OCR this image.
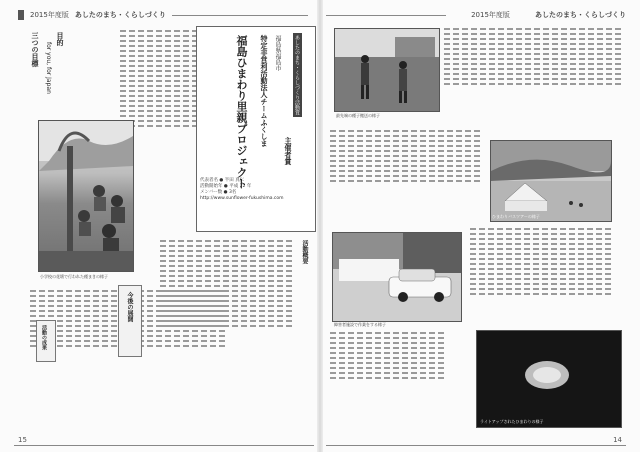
2015年度版 あしたのまち・くらしづくり	2015年度版	あしたのまち・くらしづくり
目的
for you, for Japan
三つの目標
小学校の花壇で行われた種まきの様子
今後の展開
活動の成果
あしたのまち・くらしづくり活動賞
主催者賞
福島県福島市
特定非営利活動法人チームふくしま
福島ひまわり里親プロジェクト
代表者名 ● 半田 真仁
活動開始年 ● 平成 22 年
メンバー数 ● 3名
http://www.sunflower-fukushima.com
活動概要
最先端の種子搬送の様子
ひまわりバスツアーの様子
障害者施設で作業をする様子
ライトアップされたひまわりの様子
15	14
